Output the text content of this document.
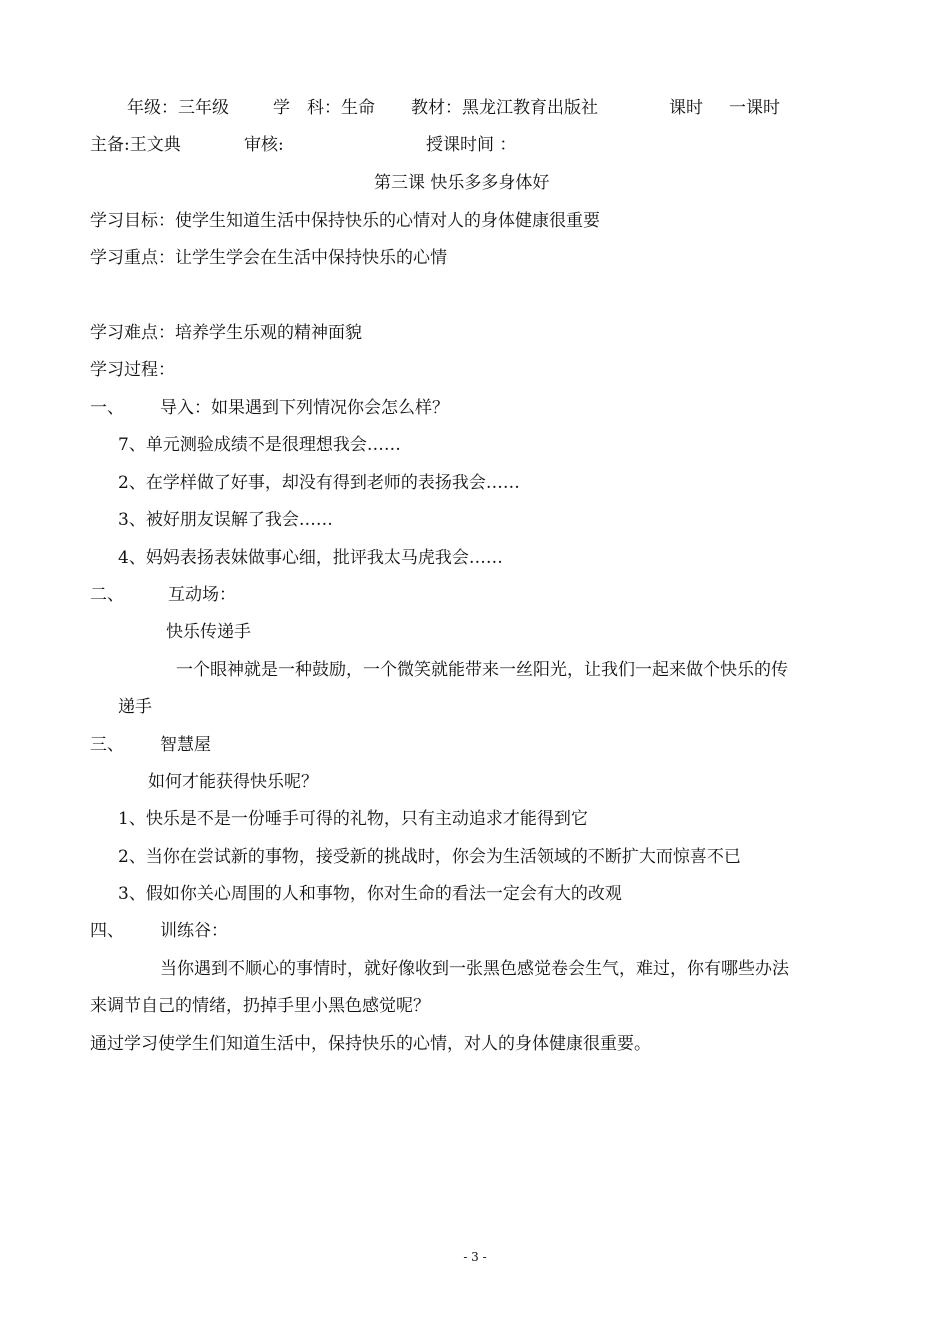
年级：三年级	学　科：生命 教材：黑龙江教育出版社	课时 一课时
主备:王文典	审核:	授课时间 ：
第三课 快乐多多身体好
学习目标：使学生知道生活中保持快乐的心情对人的身体健康很重要
学习重点：让学生学会在生活中保持快乐的心情
学习难点：培养学生乐观的精神面貌
学习过程：
一、 导入：如果遇到下列情况你会怎么样？
7、单元测验成绩不是很理想我会……
2、在学样做了好事，却没有得到老师的表扬我会……
3、被好朋友误解了我会……
4、妈妈表扬表妹做事心细，批评我太马虎我会……
二、	互动场：
快乐传递手
一个眼神就是一种鼓励，一个微笑就能带来一丝阳光，让我们一起来做个快乐的传
递手
三、 智慧屋
如何才能获得快乐呢？
1、快乐是不是一份唾手可得的礼物，只有主动追求才能得到它
2、当你在尝试新的事物，接受新的挑战时，你会为生活领域的不断扩大而惊喜不已
3、假如你关心周围的人和事物，你对生命的看法一定会有大的改观
四、 训练谷：
当你遇到不顺心的事情时，就好像收到一张黑色感觉卷会生气，难过，你有哪些办法
来调节自己的情绪，扔掉手里小黑色感觉呢？
通过学习使学生们知道生活中，保持快乐的心情，对人的身体健康很重要。
- 3 -
